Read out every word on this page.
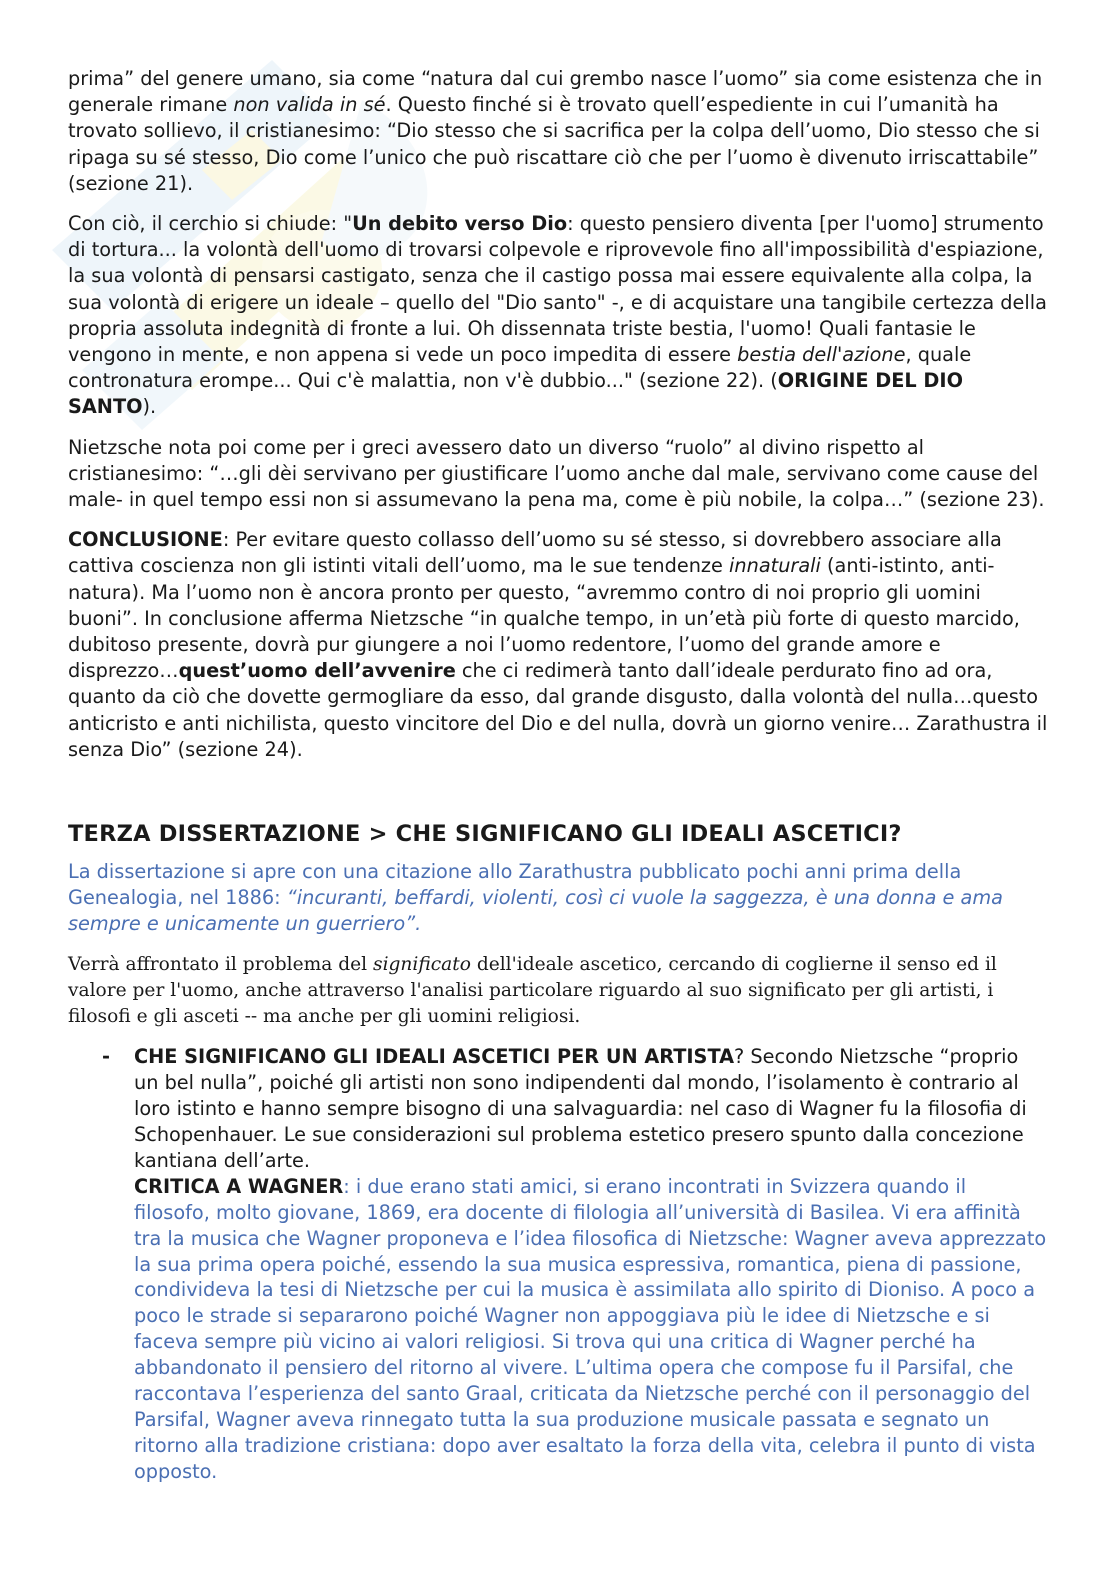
prima” del genere umano, sia come “natura dal cui grembo nasce l’uomo” sia come esistenza che in generale rimane non valida in sé. Questo finché si è trovato quell’espediente in cui l’umanità ha trovato sollievo, il cristianesimo: “Dio stesso che si sacrifica per la colpa dell’uomo, Dio stesso che si ripaga su sé stesso, Dio come l’unico che può riscattare ciò che per l’uomo è divenuto irriscattabile” (sezione 21).

Con ciò, il cerchio si chiude: "Un debito verso Dio: questo pensiero diventa [per l'uomo] strumento di tortura... la volontà dell'uomo di trovarsi colpevole e riprovevole fino all'impossibilità d'espiazione, la sua volontà di pensarsi castigato, senza che il castigo possa mai essere equivalente alla colpa, la sua volontà di erigere un ideale – quello del "Dio santo" -, e di acquistare una tangibile certezza della propria assoluta indegnità di fronte a lui. Oh dissennata triste bestia, l'uomo! Quali fantasie le vengono in mente, e non appena si vede un poco impedita di essere bestia dell'azione, quale contronatura erompe... Qui c'è malattia, non v'è dubbio..." (sezione 22). (ORIGINE DEL DIO SANTO).

Nietzsche nota poi come per i greci avessero dato un diverso “ruolo” al divino rispetto al cristianesimo: “…gli dèi servivano per giustificare l’uomo anche dal male, servivano come cause del male- in quel tempo essi non si assumevano la pena ma, come è più nobile, la colpa…” (sezione 23).

CONCLUSIONE: Per evitare questo collasso dell’uomo su sé stesso, si dovrebbero associare alla cattiva coscienza non gli istinti vitali dell’uomo, ma le sue tendenze innaturali (anti-istinto, anti-natura). Ma l’uomo non è ancora pronto per questo, “avremmo contro di noi proprio gli uomini buoni”. In conclusione afferma Nietzsche “in qualche tempo, in un’età più forte di questo marcido, dubitoso presente, dovrà pur giungere a noi l’uomo redentore, l’uomo del grande amore e disprezzo…quest’uomo dell’avvenire che ci redimerà tanto dall’ideale perdurato fino ad ora, quanto da ciò che dovette germogliare da esso, dal grande disgusto, dalla volontà del nulla…questo anticristo e anti nichilista, questo vincitore del Dio e del nulla, dovrà un giorno venire… Zarathustra il senza Dio” (sezione 24).

TERZA DISSERTAZIONE > CHE SIGNIFICANO GLI IDEALI ASCETICI?

La dissertazione si apre con una citazione allo Zarathustra pubblicato pochi anni prima della Genealogia, nel 1886: “incuranti, beffardi, violenti, così ci vuole la saggezza, è una donna e ama sempre e unicamente un guerriero”.

Verrà affrontato il problema del significato dell'ideale ascetico, cercando di coglierne il senso ed il valore per l'uomo, anche attraverso l'analisi particolare riguardo al suo significato per gli artisti, i filosofi e gli asceti -- ma anche per gli uomini religiosi.

- CHE SIGNIFICANO GLI IDEALI ASCETICI PER UN ARTISTA? Secondo Nietzsche “proprio un bel nulla”, poiché gli artisti non sono indipendenti dal mondo, l’isolamento è contrario al loro istinto e hanno sempre bisogno di una salvaguardia: nel caso di Wagner fu la filosofia di Schopenhauer. Le sue considerazioni sul problema estetico presero spunto dalla concezione kantiana dell’arte.
CRITICA A WAGNER: i due erano stati amici, si erano incontrati in Svizzera quando il filosofo, molto giovane, 1869, era docente di filologia all’università di Basilea. Vi era affinità tra la musica che Wagner proponeva e l’idea filosofica di Nietzsche: Wagner aveva apprezzato la sua prima opera poiché, essendo la sua musica espressiva, romantica, piena di passione, condivideva la tesi di Nietzsche per cui la musica è assimilata allo spirito di Dioniso. A poco a poco le strade si separarono poiché Wagner non appoggiava più le idee di Nietzsche e si faceva sempre più vicino ai valori religiosi. Si trova qui una critica di Wagner perché ha abbandonato il pensiero del ritorno al vivere. L’ultima opera che compose fu il Parsifal, che raccontava l’esperienza del santo Graal, criticata da Nietzsche perché con il personaggio del Parsifal, Wagner aveva rinnegato tutta la sua produzione musicale passata e segnato un ritorno alla tradizione cristiana: dopo aver esaltato la forza della vita, celebra il punto di vista opposto.
